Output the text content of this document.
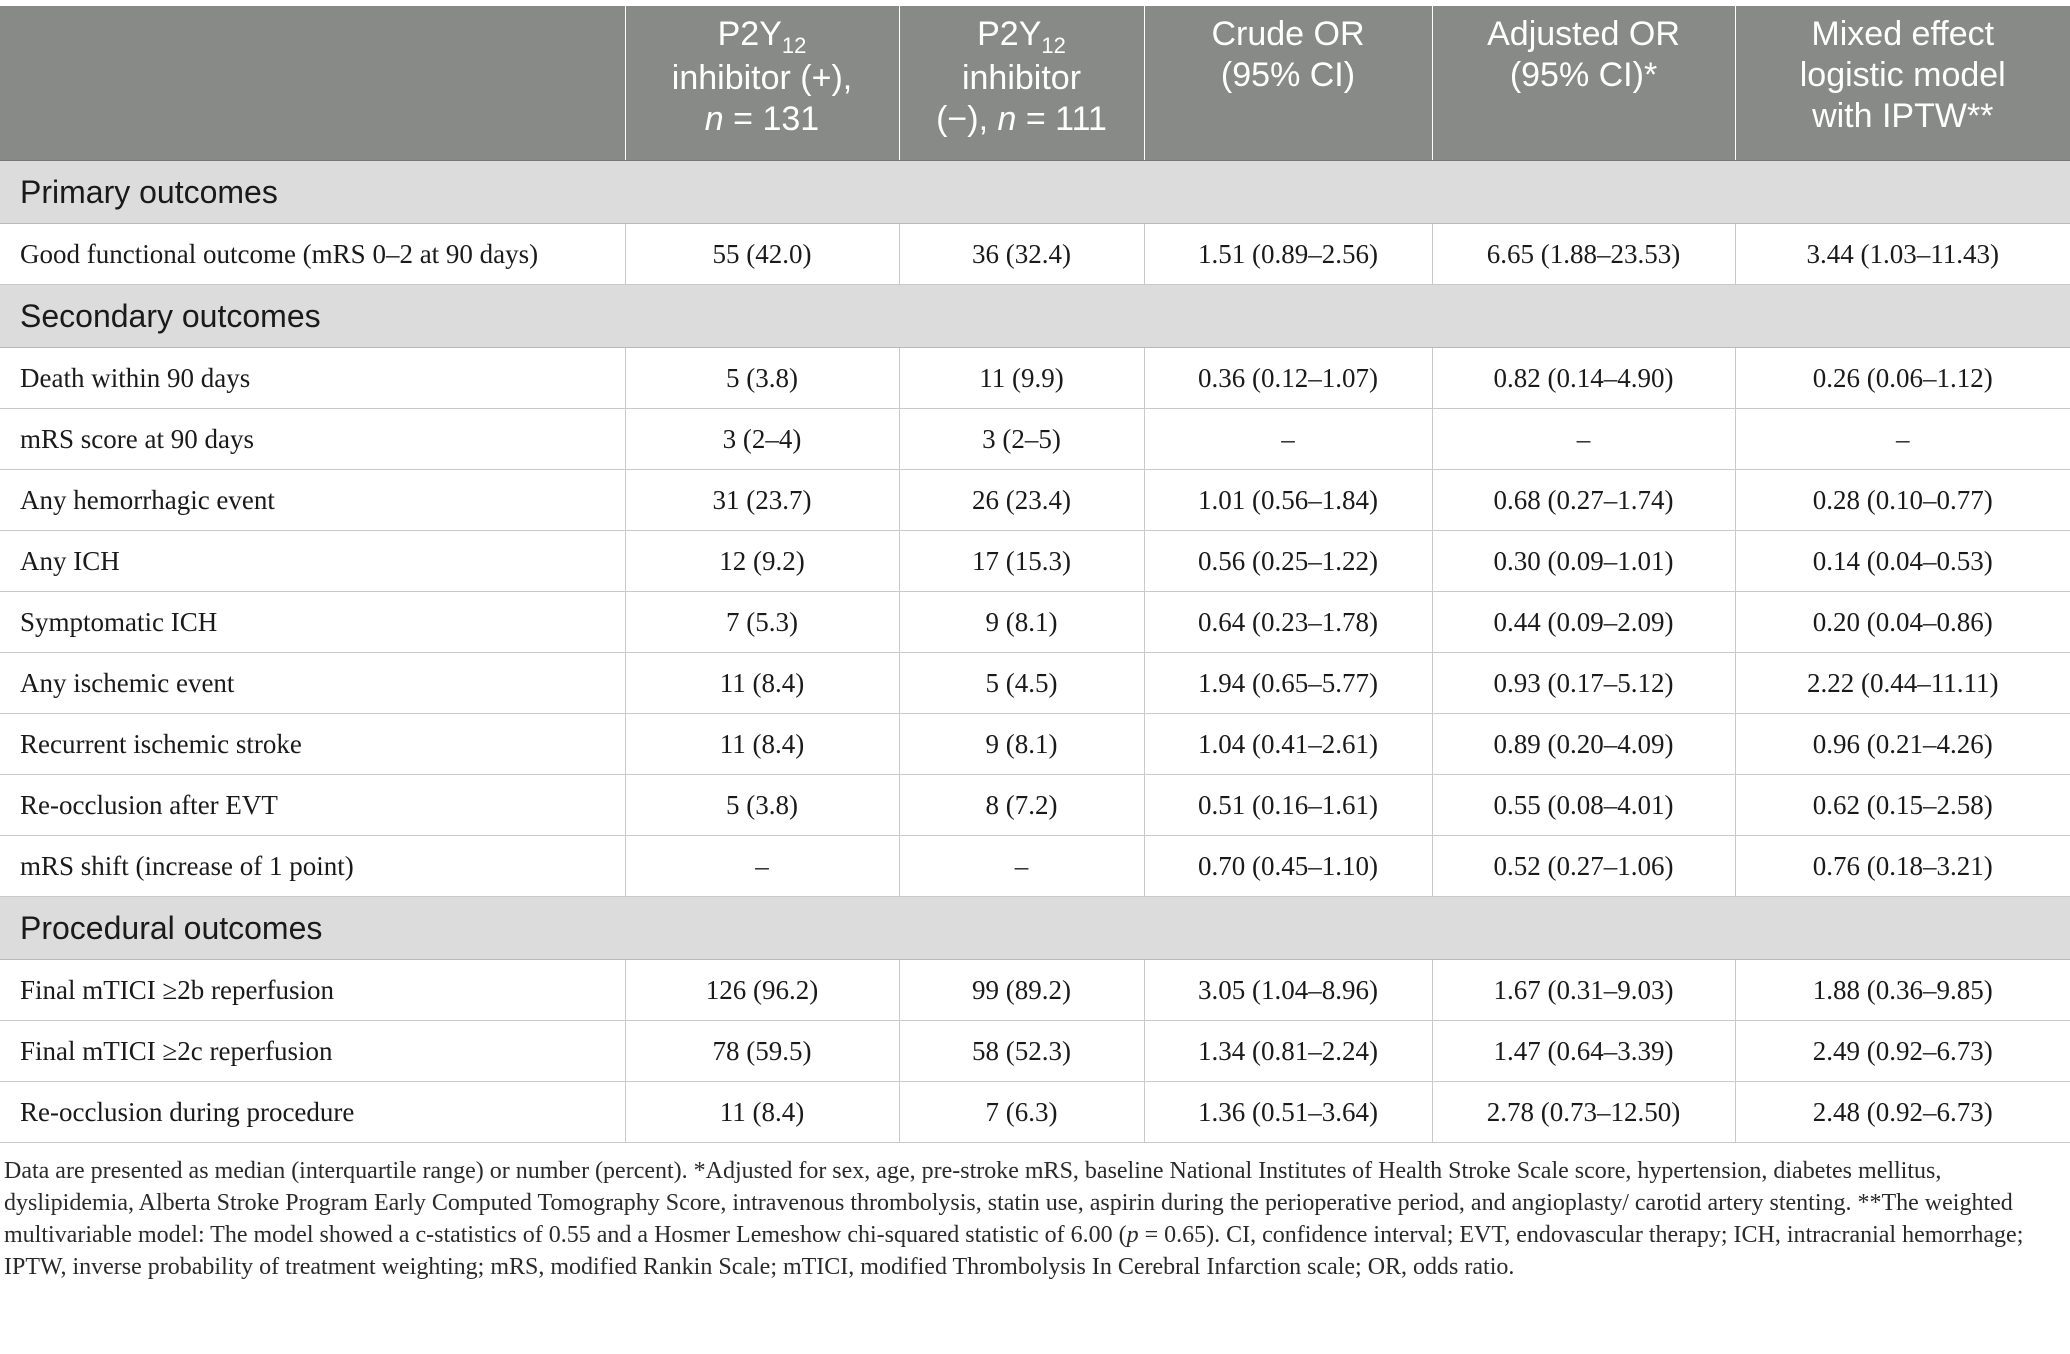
	$P2Y_{12}$
inhibitor (+),
n = 131	$P2Y_{12}$
inhibitor
(−), n = 111	Crude OR
(95% CI)	Adjusted OR
(95% CI)*	Mixed effect
logistic model
with IPTW**
Primary outcomes					
Good functional outcome (mRS 0–2 at 90 days)	55 (42.0)	36 (32.4)	1.51 (0.89–2.56)	6.65 (1.88–23.53)	3.44 (1.03–11.43)
Secondary outcomes					
Death within 90 days	5 (3.8)	11 (9.9)	0.36 (0.12–1.07)	0.82 (0.14–4.90)	0.26 (0.06–1.12)
mRS score at 90 days	3 (2–4)	3 (2–5)	–	–	–
Any hemorrhagic event	31 (23.7)	26 (23.4)	1.01 (0.56–1.84)	0.68 (0.27–1.74)	0.28 (0.10–0.77)
Any ICH	12 (9.2)	17 (15.3)	0.56 (0.25–1.22)	0.30 (0.09–1.01)	0.14 (0.04–0.53)
Symptomatic ICH	7 (5.3)	9 (8.1)	0.64 (0.23–1.78)	0.44 (0.09–2.09)	0.20 (0.04–0.86)
Any ischemic event	11 (8.4)	5 (4.5)	1.94 (0.65–5.77)	0.93 (0.17–5.12)	2.22 (0.44–11.11)
Recurrent ischemic stroke	11 (8.4)	9 (8.1)	1.04 (0.41–2.61)	0.89 (0.20–4.09)	0.96 (0.21–4.26)
Re-occlusion after EVT	5 (3.8)	8 (7.2)	0.51 (0.16–1.61)	0.55 (0.08–4.01)	0.62 (0.15–2.58)
mRS shift (increase of 1 point)	–	–	0.70 (0.45–1.10)	0.52 (0.27–1.06)	0.76 (0.18–3.21)
Procedural outcomes					
Final mTICI ≥2b reperfusion	126 (96.2)	99 (89.2)	3.05 (1.04–8.96)	1.67 (0.31–9.03)	1.88 (0.36–9.85)
Final mTICI ≥2c reperfusion	78 (59.5)	58 (52.3)	1.34 (0.81–2.24)	1.47 (0.64–3.39)	2.49 (0.92–6.73)
Re-occlusion during procedure	11 (8.4)	7 (6.3)	1.36 (0.51–3.64)	2.78 (0.73–12.50)	2.48 (0.92–6.73)
Data are presented as median (interquartile range) or number (percent). *Adjusted for sex, age, pre-stroke mRS, baseline National Institutes of Health Stroke Scale score, hypertension, diabetes mellitus, dyslipidemia, Alberta Stroke Program Early Computed Tomography Score, intravenous thrombolysis, statin use, aspirin during the perioperative period, and angioplasty/ carotid artery stenting. **The weighted multivariable model: The model showed a c-statistics of 0.55 and a Hosmer Lemeshow chi-squared statistic of 6.00 (p = 0.65). CI, confidence interval; EVT, endovascular therapy; ICH, intracranial hemorrhage; IPTW, inverse probability of treatment weighting; mRS, modified Rankin Scale; mTICI, modified Thrombolysis In Cerebral Infarction scale; OR, odds ratio.
